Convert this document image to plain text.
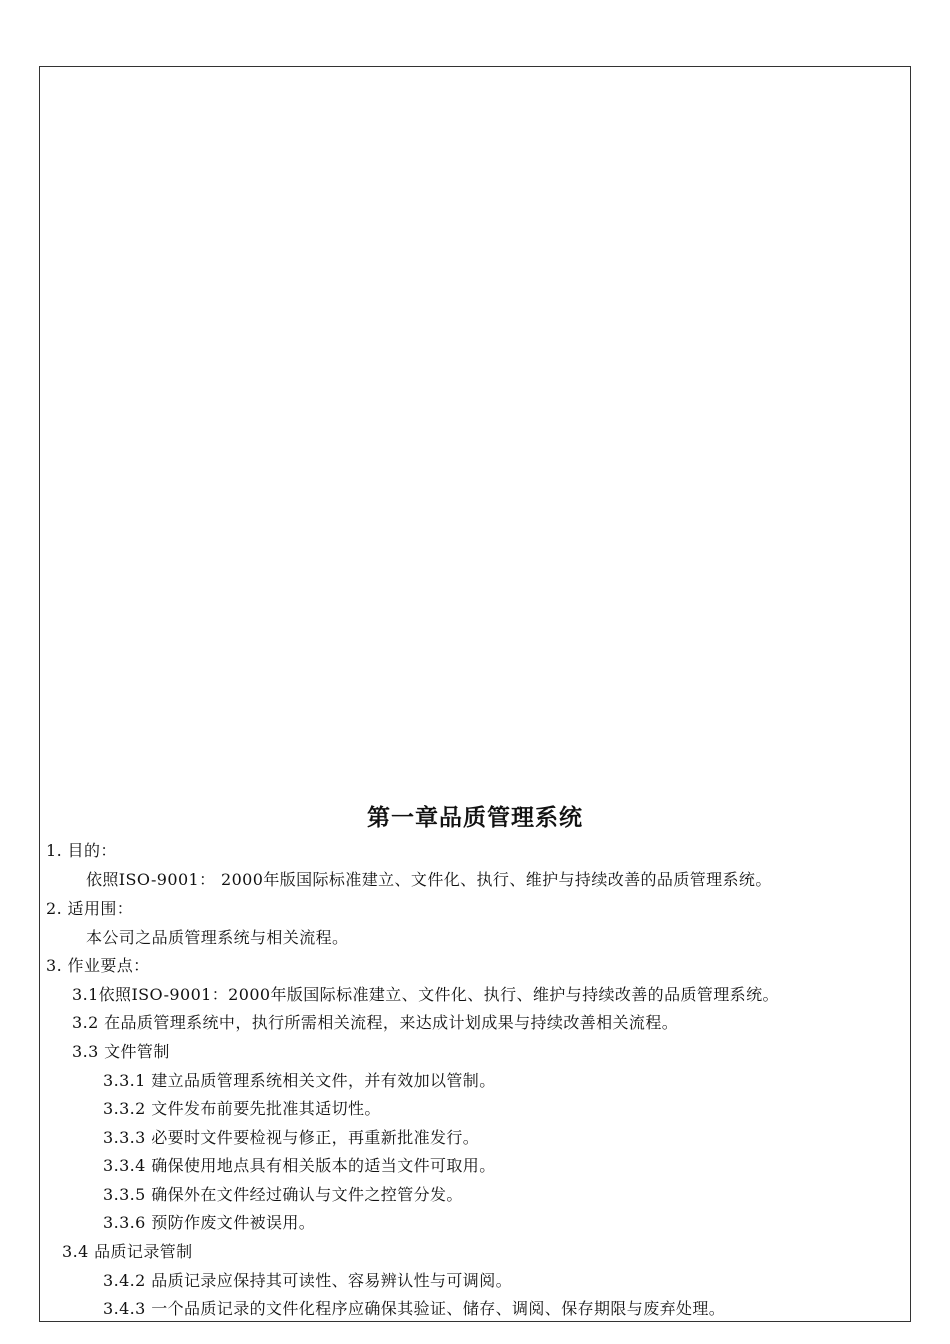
第一章品质管理系统
1. 目的：
依照ISO-9001： 2000年版国际标准建立、文件化、执行、维护与持续改善的品质管理系统。
2. 适用围：
本公司之品质管理系统与相关流程。
3. 作业要点：
3.1依照ISO-9001：2000年版国际标准建立、文件化、执行、维护与持续改善的品质管理系统。
3.2 在品质管理系统中，执行所需相关流程，来达成计划成果与持续改善相关流程。
3.3 文件管制
3.3.1 建立品质管理系统相关文件，并有效加以管制。
3.3.2 文件发布前要先批准其适切性。
3.3.3 必要时文件要检视与修正，再重新批准发行。
3.3.4 确保使用地点具有相关版本的适当文件可取用。
3.3.5 确保外在文件经过确认与文件之控管分发。
3.3.6 预防作废文件被误用。
3.4 品质记录管制
3.4.2 品质记录应保持其可读性、容易辨认性与可调阅。
3.4.3 一个品质记录的文件化程序应确保其验证、储存、调阅、保存期限与废弃处理。
